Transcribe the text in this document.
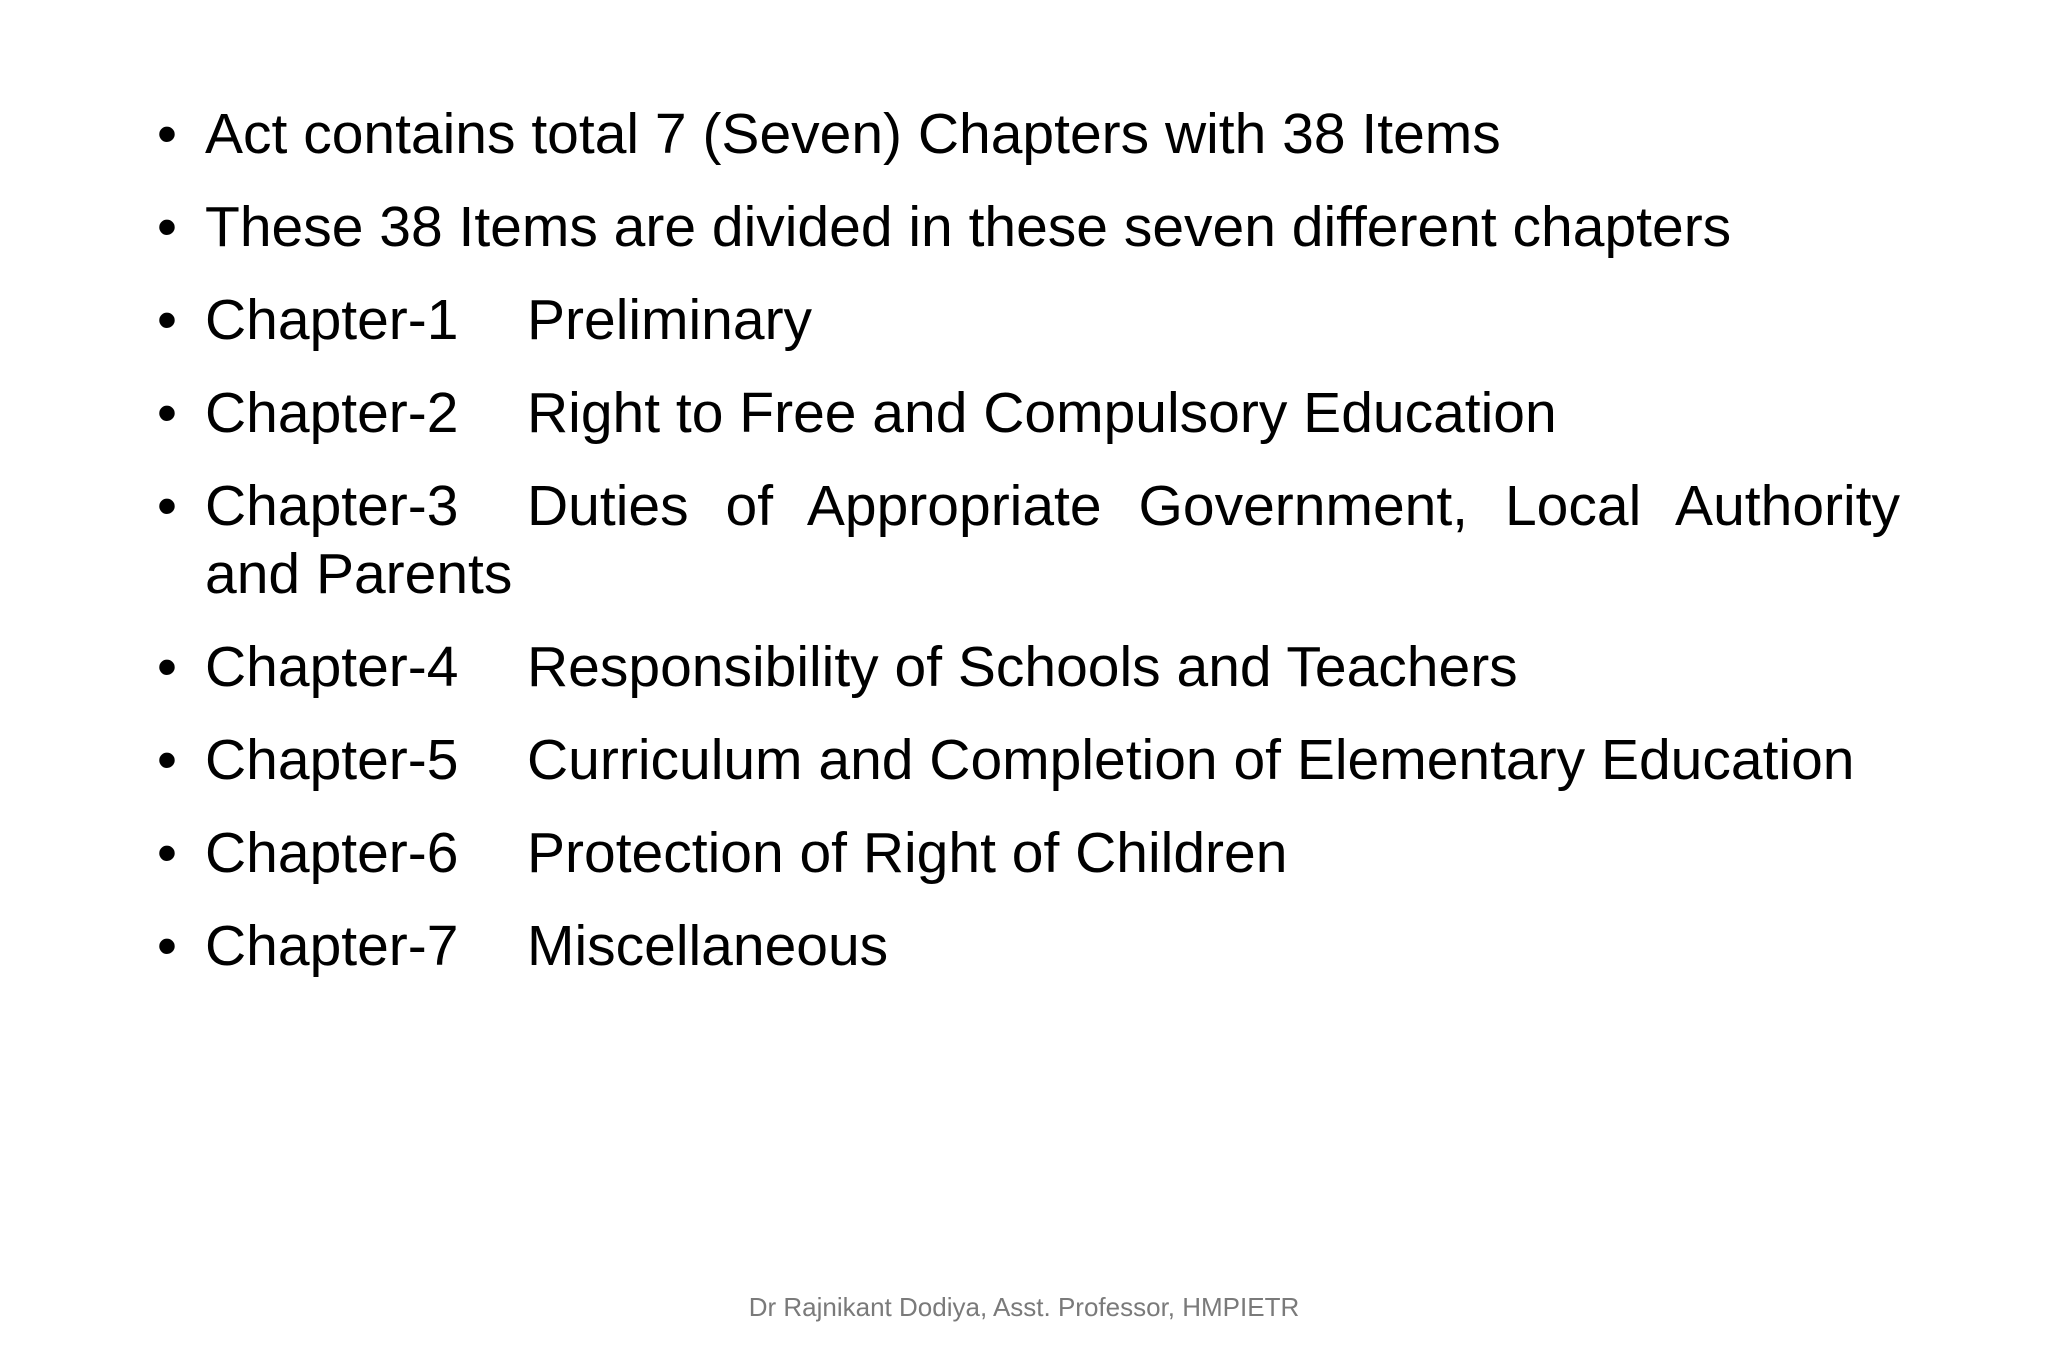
• Act contains total 7 (Seven) Chapters with 38 Items
• These 38 Items are divided in these seven different chapters
• Chapter-1 Preliminary
• Chapter-2 Right to Free and Compulsory Education
• Chapter-3 Duties of Appropriate Government, Local Authority and Parents
• Chapter-4 Responsibility of Schools and Teachers
• Chapter-5 Curriculum and Completion of Elementary Education
• Chapter-6 Protection of Right of Children
• Chapter-7 Miscellaneous
Dr Rajnikant Dodiya, Asst. Professor, HMPIETR
